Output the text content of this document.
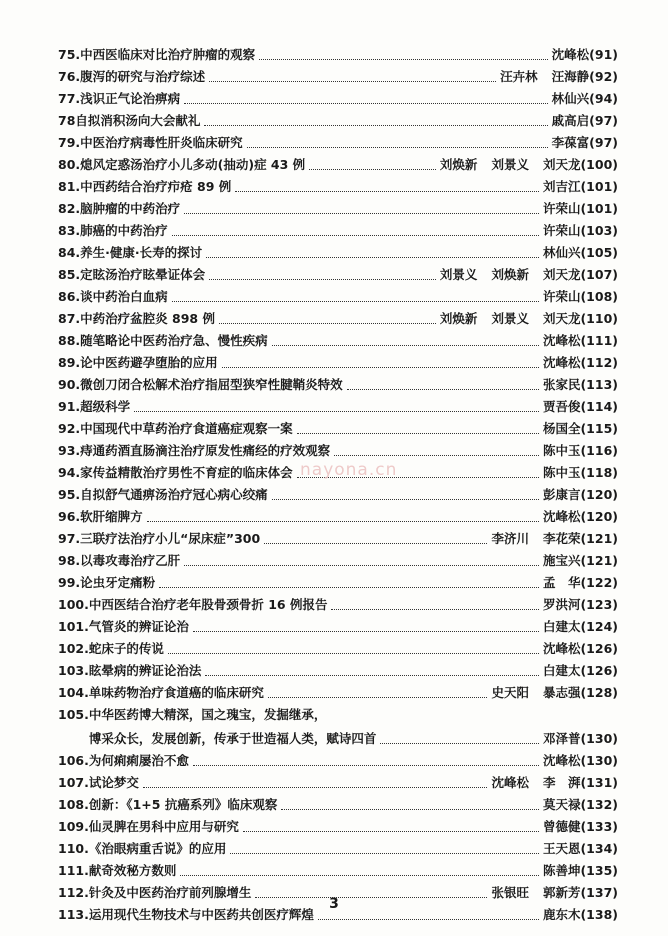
75. 中西医临床对比治疗肿瘤的观察	沈峰松 (91)
76. 腹泻的研究与治疗综述	汪卉林 汪海静 (92)
77. 浅识正气论治痹病	林仙兴 (94)
78 自拟消积汤向大会献礼	戚高启 (97)
79. 中医治疗病毒性肝炎临床研究	李葆富 (97)
80. 熄风定惑汤治疗小儿多动(抽动)症 43 例	刘焕新 刘景义 刘天龙 (100)
81. 中西药结合治疗疖疮 89 例	刘吉江 (101)
82. 脑肿瘤的中药治疗	许荣山 (101)
83. 肺癌的中药治疗	许荣山 (103)
84. 养生·健康·长寿的探讨	林仙兴 (105)
85. 定眩汤治疗眩晕证体会	刘景义 刘焕新 刘天龙 (107)
86. 谈中药治白血病	许荣山 (108)
87. 中药治疗盆腔炎 898 例	刘焕新 刘景义 刘天龙 (110)
88. 随笔略论中医药治疗急、慢性疾病	沈峰松 (111)
89. 论中医药避孕堕胎的应用	沈峰松 (112)
90. 微创刀闭合松解术治疗指屈型狭窄性腱鞘炎特效	张家民 (113)
91. 超级科学	贾吾俊 (114)
92. 中国现代中草药治疗食道癌症观察一案	杨国全 (115)
93. 痔通药酒直肠滴注治疗原发性痛经的疗效观察	陈中玉 (116)
94. 家传益精散治疗男性不育症的临床体会	陈中玉 (118)
95. 自拟舒气通痹汤治疗冠心病心绞痛	彭康言 (120)
96. 软肝缩脾方	沈峰松 (120)
97. 三联疗法治疗小儿“尿床症”300	李济川 李花荣 (121)
98. 以毒攻毒治疗乙肝	施宝兴 (121)
99. 论虫牙定痛粉	孟　华 (122)
100. 中西医结合治疗老年股骨颈骨折 16 例报告	罗洪河 (123)
101. 气管炎的辨证论治	白建太 (124)
102. 蛇床子的传说	沈峰松 (126)
103. 眩晕病的辨证论治法	白建太 (126)
104. 单味药物治疗食道癌的临床研究	史天阳 暴志强 (128)
105. 中华医药博大精深，国之瑰宝，发掘继承，
博采众长，发展创新，传承于世造福人类，赋诗四首	邓泽普 (130)
106. 为何痢痢屡治不愈	沈峰松 (130)
107. 试论梦交	沈峰松 李　湃 (131)
108. 创新：《1+5 抗癌系列》临床观察	莫天禄 (132)
109. 仙灵脾在男科中应用与研究	曾德健 (133)
110. 《治眼病重舌说》的应用	王天恩 (134)
111. 献奇效秘方数则	陈善坤 (135)
112. 针灸及中医药治疗前列腺增生	张银旺 郭新芳 (137)
113. 运用现代生物技术与中医药共创医疗辉煌	鹿东木 (138)
nayona.cn
3
